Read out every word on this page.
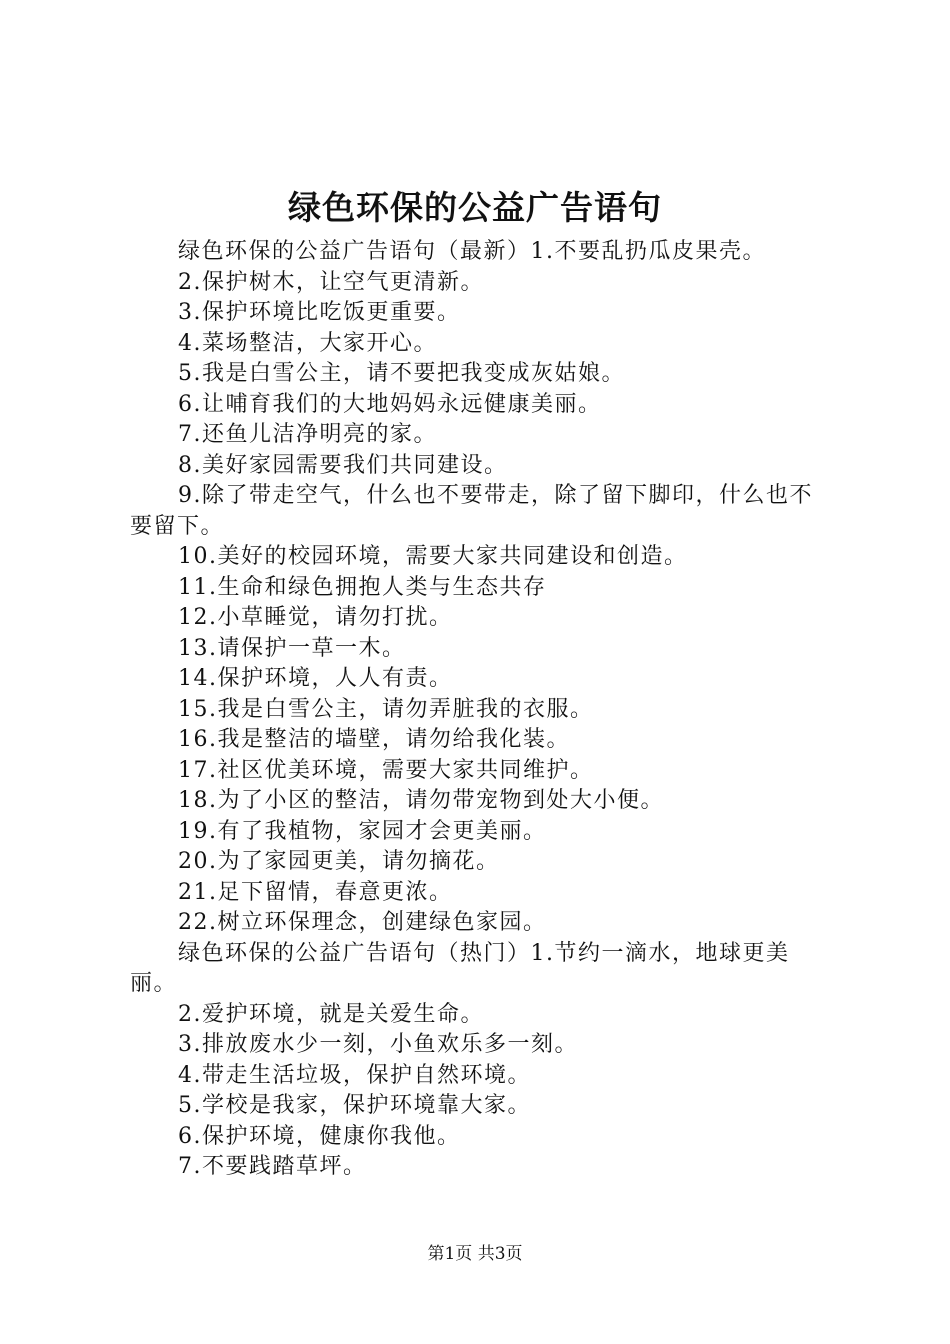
绿色环保的公益广告语句

绿色环保的公益广告语句（最新）1.不要乱扔瓜皮果壳。

2.保护树木，让空气更清新。

3.保护环境比吃饭更重要。

4.菜场整洁，大家开心。

5.我是白雪公主，请不要把我变成灰姑娘。

6.让哺育我们的大地妈妈永远健康美丽。

7.还鱼儿洁净明亮的家。

8.美好家园需要我们共同建设。

9.除了带走空气，什么也不要带走，除了留下脚印，什么也不要留下。

10.美好的校园环境，需要大家共同建设和创造。

11.生命和绿色拥抱人类与生态共存

12.小草睡觉，请勿打扰。

13.请保护一草一木。

14.保护环境，人人有责。

15.我是白雪公主，请勿弄脏我的衣服。

16.我是整洁的墙壁，请勿给我化装。

17.社区优美环境，需要大家共同维护。

18.为了小区的整洁，请勿带宠物到处大小便。

19.有了我植物，家园才会更美丽。

20.为了家园更美，请勿摘花。

21.足下留情，春意更浓。

22.树立环保理念，创建绿色家园。

绿色环保的公益广告语句（热门）1.节约一滴水，地球更美丽。

2.爱护环境，就是关爱生命。

3.排放废水少一刻，小鱼欢乐多一刻。

4.带走生活垃圾，保护自然环境。

5.学校是我家，保护环境靠大家。

6.保护环境，健康你我他。

7.不要践踏草坪。

第1页 共3页
